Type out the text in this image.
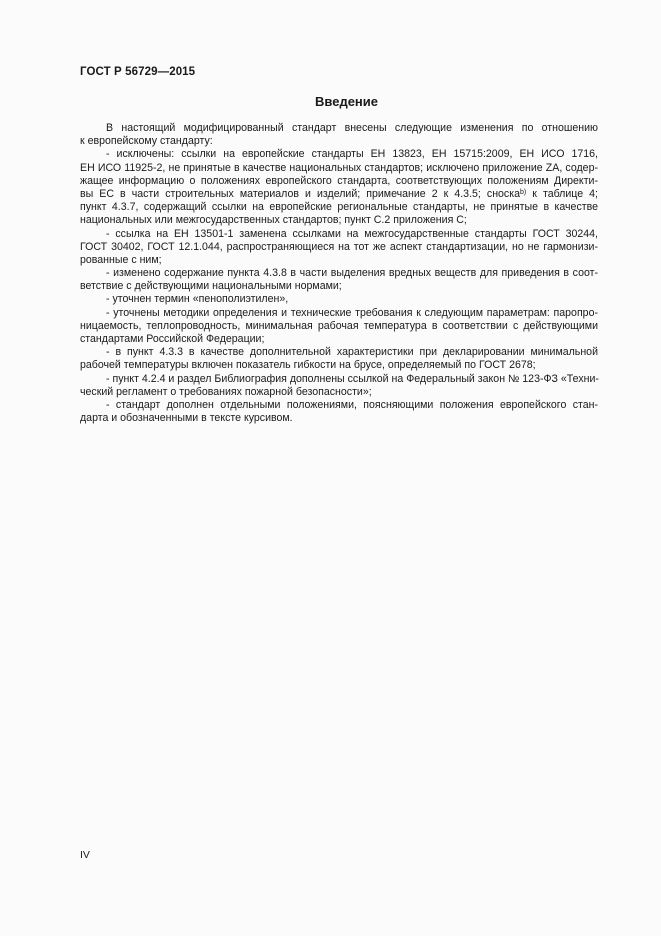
ГОСТ Р 56729—2015
Введение
В настоящий модифицированный стандарт внесены следующие изменения по отношению
к европейскому стандарту:
- исключены: ссылки на европейские стандарты ЕН 13823, ЕН 15715:2009, ЕН ИСО 1716,
ЕН ИСО 11925-2, не принятые в качестве национальных стандартов; исключено приложение ZA, содер-
жащее информацию о положениях европейского стандарта, соответствующих положениям Директи-
вы ЕС в части строительных материалов и изделий; примечание 2 к 4.3.5; сноска$^{b)}$ к таблице 4;
пункт 4.3.7, содержащий ссылки на европейские региональные стандарты, не принятые в качестве
национальных или межгосударственных стандартов; пункт С.2 приложения С;
- ссылка на ЕН 13501-1 заменена ссылками на межгосударственные стандарты ГОСТ 30244,
ГОСТ 30402, ГОСТ 12.1.044, распространяющиеся на тот же аспект стандартизации, но не гармонизи-
рованные с ним;
- изменено содержание пункта 4.3.8 в части выделения вредных веществ для приведения в соот-
ветствие с действующими национальными нормами;
- уточнен термин «пенополиэтилен»,
- уточнены методики определения и технические требования к следующим параметрам: паропро-
ницаемость, теплопроводность, минимальная рабочая температура в соответствии с действующими
стандартами Российской Федерации;
- в пункт 4.3.3 в качестве дополнительной характеристики при декларировании минимальной
рабочей температуры включен показатель гибкости на брусе, определяемый по ГОСТ 2678;
- пункт 4.2.4 и раздел Библиография дополнены ссылкой на Федеральный закон № 123-ФЗ «Техни-
ческий регламент о требованиях пожарной безопасности»;
- стандарт дополнен отдельными положениями, поясняющими положения европейского стан-
дарта и обозначенными в тексте курсивом.
IV
